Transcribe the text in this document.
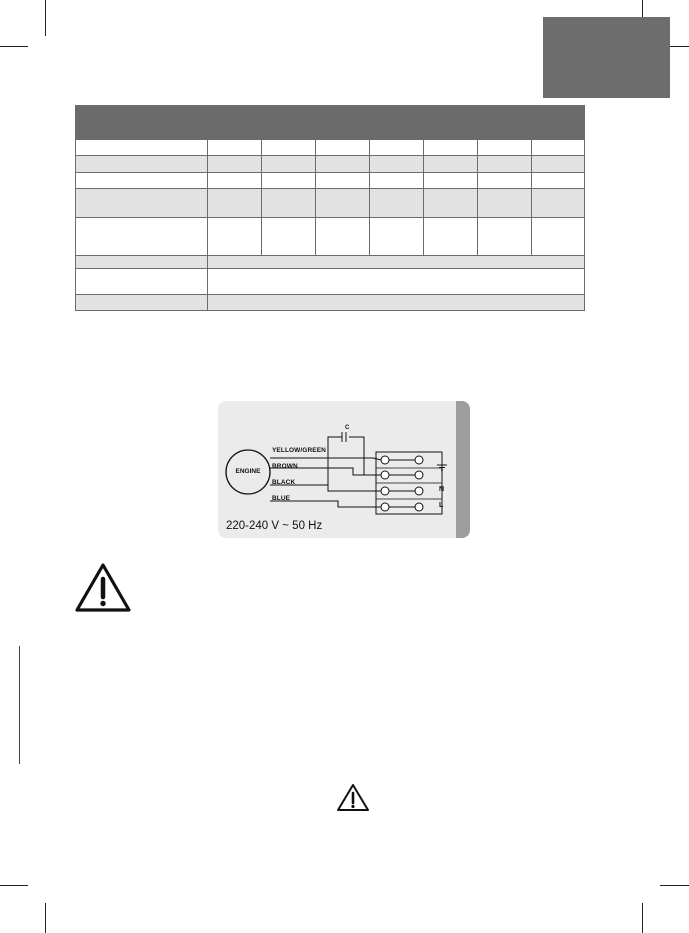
ENGINE
C
YELLOW/GREEN
BROWN
BLACK
BLUE
N
L
220-240 V ~ 50 Hz
